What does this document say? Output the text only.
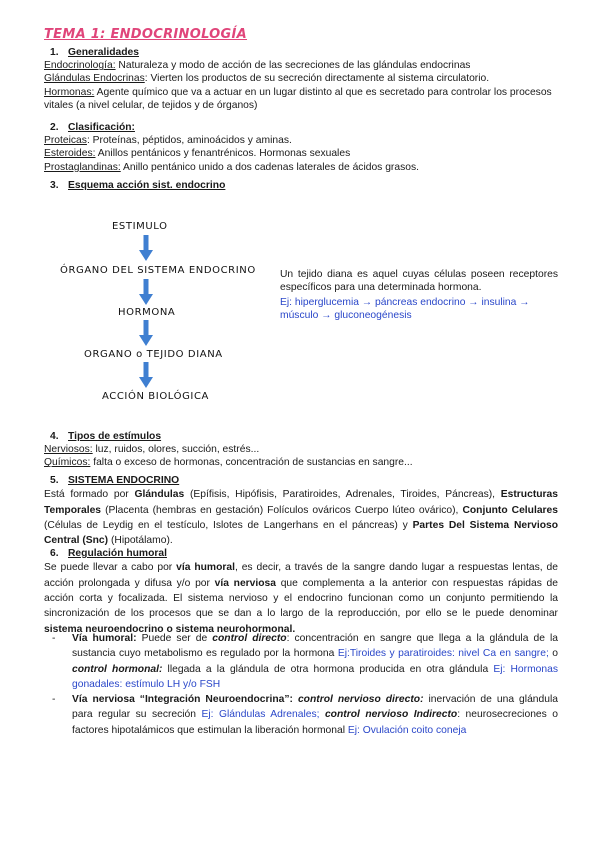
TEMA 1: ENDOCRINOLOGÍA
1. Generalidades
Endocrinología: Naturaleza y modo de acción de las secreciones de las glándulas endocrinas
Glándulas Endocrinas: Vierten los productos de su secreción directamente al sistema circulatorio.
Hormonas: Agente químico que va a actuar en un lugar distinto al que es secretado para controlar los procesos vitales (a nivel celular, de tejidos y de órganos)
2. Clasificación:
Proteicas: Proteínas, péptidos, aminoácidos y aminas.
Esteroides: Anillos pentánicos y fenantrénicos. Hormonas sexuales
Prostaglandinas: Anillo pentánico unido a dos cadenas laterales de ácidos grasos.
3. Esquema acción sist. endocrino
ESTIMULO
ÓRGANO DEL SISTEMA ENDOCRINO
HORMONA
ORGANO o TEJIDO DIANA
ACCIÓN BIOLÓGICA
Un tejido diana es aquel cuyas células poseen receptores específicos para una determinada hormona.
Ej: hiperglucemia → páncreas endocrino → insulina → músculo → gluconeogénesis
4. Tipos de estímulos
Nerviosos: luz, ruidos, olores, succión, estrés...
Químicos: falta o exceso de hormonas, concentración de sustancias en sangre...
5. SISTEMA ENDOCRINO
Está formado por Glándulas (Epífisis, Hipófisis, Paratiroides, Adrenales, Tiroides, Páncreas), Estructuras Temporales (Placenta (hembras en gestación) Folículos ováricos Cuerpo lúteo ovárico), Conjunto Celulares (Células de Leydig en el testículo, Islotes de Langerhans en el páncreas) y Partes Del Sistema Nervioso Central (Snc) (Hipotálamo).
6. Regulación humoral
Se puede llevar a cabo por vía humoral, es decir, a través de la sangre dando lugar a respuestas lentas, de acción prolongada y difusa y/o por vía nerviosa que complementa a la anterior con respuestas rápidas de acción corta y focalizada. El sistema nervioso y el endocrino funcionan como un conjunto permitiendo la sincronización de los procesos que se dan a lo largo de la reproducción, por ello se le puede denominar sistema neuroendocrino o sistema neurohormonal.
- Vía humoral: Puede ser de control directo: concentración en sangre que llega a la glándula de la sustancia cuyo metabolismo es regulado por la hormona Ej:Tiroides y paratiroides: nivel Ca en sangre; o control hormonal: llegada a la glándula de otra hormona producida en otra glándula Ej: Hormonas gonadales: estímulo LH y/o FSH
- Vía nerviosa “Integración Neuroendocrina”: control nervioso directo: inervación de una glándula para regular su secreción Ej: Glándulas Adrenales; control nervioso Indirecto: neurosecreciones o factores hipotalámicos que estimulan la liberación hormonal Ej: Ovulación coito coneja
